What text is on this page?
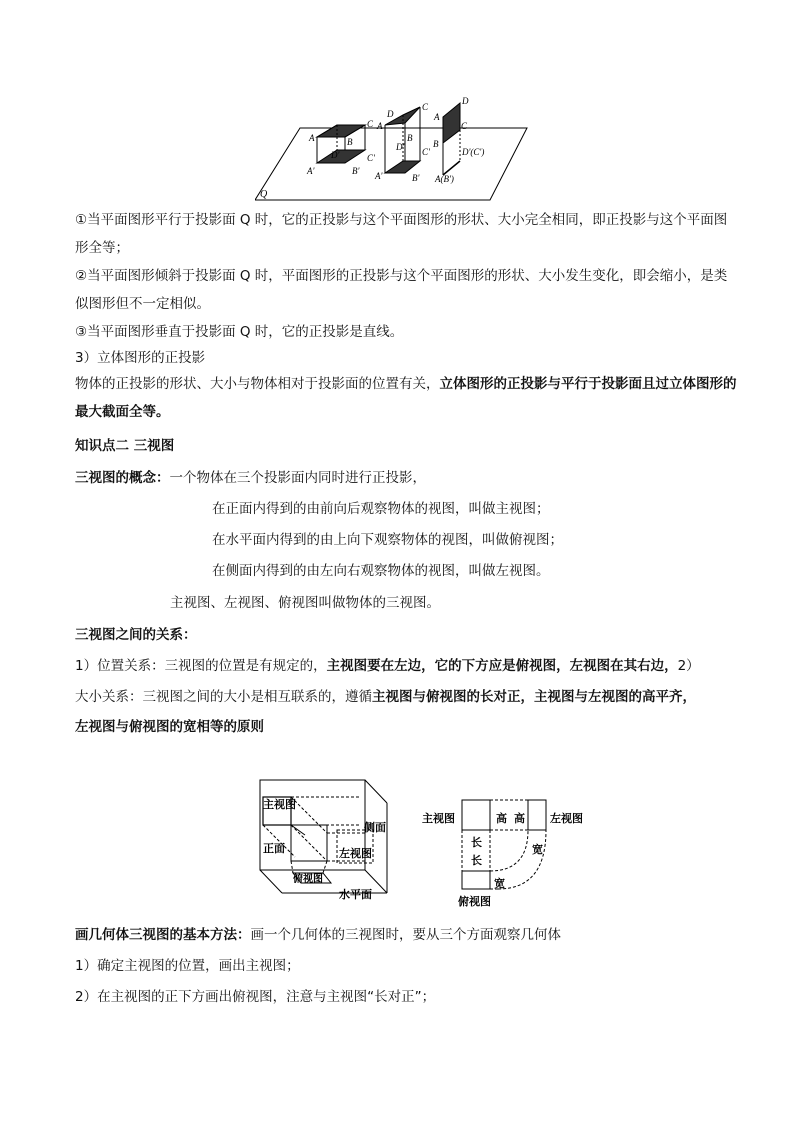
Q
A	B
C
D'	C'
A'	B'
D
A
B
C
D' C'
A'	B'
D
A
C
B
D'(C')
A(B')
①当平面图形平行于投影面 Q 时，它的正投影与这个平面图形的形状、大小完全相同，即正投影与这个平面图
形全等；
②当平面图形倾斜于投影面 Q 时，平面图形的正投影与这个平面图形的形状、大小发生变化，即会缩小，是类
似图形但不一定相似。
③当平面图形垂直于投影面 Q 时，它的正投影是直线。
3）立体图形的正投影
物体的正投影的形状、大小与物体相对于投影面的位置有关，立体图形的正投影与平行于投影面且过立体图形的
最大截面全等。
知识点二 三视图
三视图的概念：一个物体在三个投影面内同时进行正投影，
在正面内得到的由前向后观察物体的视图，叫做主视图；
在水平面内得到的由上向下观察物体的视图，叫做俯视图；
在侧面内得到的由左向右观察物体的视图，叫做左视图。
主视图、左视图、俯视图叫做物体的三视图。
三视图之间的关系：
1）位置关系：三视图的位置是有规定的，主视图要在左边，它的下方应是俯视图，左视图在其右边，2）
大小关系：三视图之间的大小是相互联系的，遵循主视图与俯视图的长对正，主视图与左视图的高平齐，
左视图与俯视图的宽相等的原则
主视图
侧面
正面	左视图
俯视图
水平面
主视图	左视图
俯视图
高 高
长
长
宽
宽
画几何体三视图的基本方法：画一个几何体的三视图时，要从三个方面观察几何体
1）确定主视图的位置，画出主视图；
2）在主视图的正下方画出俯视图，注意与主视图“长对正”；
